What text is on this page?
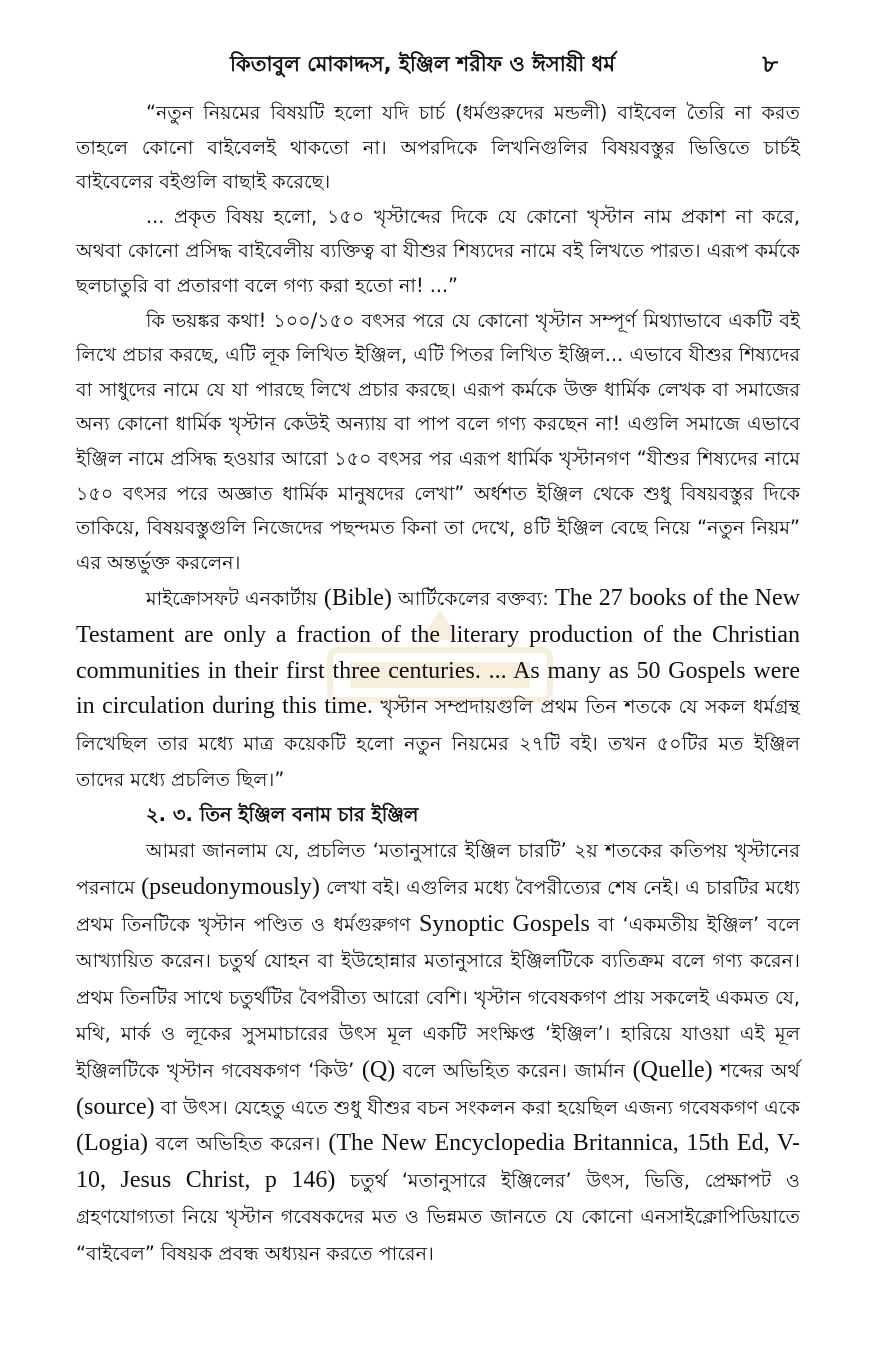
কিতাবুল মোকাদ্দস, ইঞ্জিল শরীফ ও ঈসায়ী ধর্ম	৮

“নতুন নিয়মের বিষয়টি হলো যদি চার্চ (ধর্মগুরুদের মন্ডলী) বাইবেল তৈরি না করত তাহলে কোনো বাইবেলই থাকতো না। অপরদিকে লিখনিগুলির বিষয়বস্তুর ভিত্তিতে চার্চই বাইবেলের বইগুলি বাছাই করেছে।

... প্রকৃত বিষয় হলো, ১৫০ খৃস্টাব্দের দিকে যে কোনো খৃস্টান নাম প্রকাশ না করে, অথবা কোনো প্রসিদ্ধ বাইবেলীয় ব্যক্তিত্ব বা যীশুর শিষ্যদের নামে বই লিখতে পারত। এরূপ কর্মকে ছলচাতুরি বা প্রতারণা বলে গণ্য করা হতো না! ...”

কি ভয়ঙ্কর কথা! ১০০/১৫০ বৎসর পরে যে কোনো খৃস্টান সম্পূর্ণ মিথ্যাভাবে একটি বই লিখে প্রচার করছে, এটি লূক লিখিত ইঞ্জিল, এটি পিতর লিখিত ইঞ্জিল... এভাবে যীশুর শিষ্যদের বা সাধুদের নামে যে যা পারছে লিখে প্রচার করছে। এরূপ কর্মকে উক্ত ধার্মিক লেখক বা সমাজের অন্য কোনো ধার্মিক খৃস্টান কেউই অন্যায় বা পাপ বলে গণ্য করছেন না! এগুলি সমাজে এভাবে ইঞ্জিল নামে প্রসিদ্ধ হওয়ার আরো ১৫০ বৎসর পর এরূপ ধার্মিক খৃস্টানগণ “যীশুর শিষ্যদের নামে ১৫০ বৎসর পরে অজ্ঞাত ধার্মিক মানুষদের লেখা” অর্ধশত ইঞ্জিল থেকে শুধু বিষয়বস্তুর দিকে তাকিয়ে, বিষয়বস্তুগুলি নিজেদের পছন্দমত কিনা তা দেখে, ৪টি ইঞ্জিল বেছে নিয়ে “নতুন নিয়ম” এর অন্তর্ভুক্ত করলেন।

মাইক্রোসফট এনকার্টায় (Bible) আর্টিকেলের বক্তব্য: The 27 books of the New Testament are only a fraction of the literary production of the Christian communities in their first three centuries. ... As many as 50 Gospels were in circulation during this time. খৃস্টান সম্প্রদায়গুলি প্রথম তিন শতকে যে সকল ধর্মগ্রন্থ লিখেছিল তার মধ্যে মাত্র কয়েকটি হলো নতুন নিয়মের ২৭টি বই। তখন ৫০টির মত ইঞ্জিল তাদের মধ্যে প্রচলিত ছিল।”

২. ৩. তিন ইঞ্জিল বনাম চার ইঞ্জিল

আমরা জানলাম যে, প্রচলিত ‘মতানুসারে ইঞ্জিল চারটি’ ২য় শতকের কতিপয় খৃস্টানের পরনামে (pseudonymously) লেখা বই। এগুলির মধ্যে বৈপরীত্যের শেষ নেই। এ চারটির মধ্যে প্রথম তিনটিকে খৃস্টান পণ্ডিত ও ধর্মগুরুগণ Synoptic Gospels বা ‘একমতীয় ইঞ্জিল’ বলে আখ্যায়িত করেন। চতুর্থ যোহন বা ইউহোন্নার মতানুসারে ইঞ্জিলটিকে ব্যতিক্রম বলে গণ্য করেন। প্রথম তিনটির সাথে চতুর্থটির বৈপরীত্য আরো বেশি। খৃস্টান গবেষকগণ প্রায় সকলেই একমত যে, মথি, মার্ক ও লূকের সুসমাচারের উৎস মূল একটি সংক্ষিপ্ত ‘ইঞ্জিল’। হারিয়ে যাওয়া এই মূল ইঞ্জিলটিকে খৃস্টান গবেষকগণ ‘কিউ’ (Q) বলে অভিহিত করেন। জার্মান (Quelle) শব্দের অর্থ (source) বা উৎস। যেহেতু এতে শুধু যীশুর বচন সংকলন করা হয়েছিল এজন্য গবেষকগণ একে (Logia) বলে অভিহিত করেন। (The New Encyclopedia Britannica, 15th Ed, V-10, Jesus Christ, p 146) চতুর্থ ‘মতানুসারে ইঞ্জিলের’ উৎস, ভিত্তি, প্রেক্ষাপট ও গ্রহণযোগ্যতা নিয়ে খৃস্টান গবেষকদের মত ও ভিন্নমত জানতে যে কোনো এনসাইক্লোপিডিয়াতে “বাইবেল” বিষয়ক প্রবন্ধ অধ্যয়ন করতে পারেন।
